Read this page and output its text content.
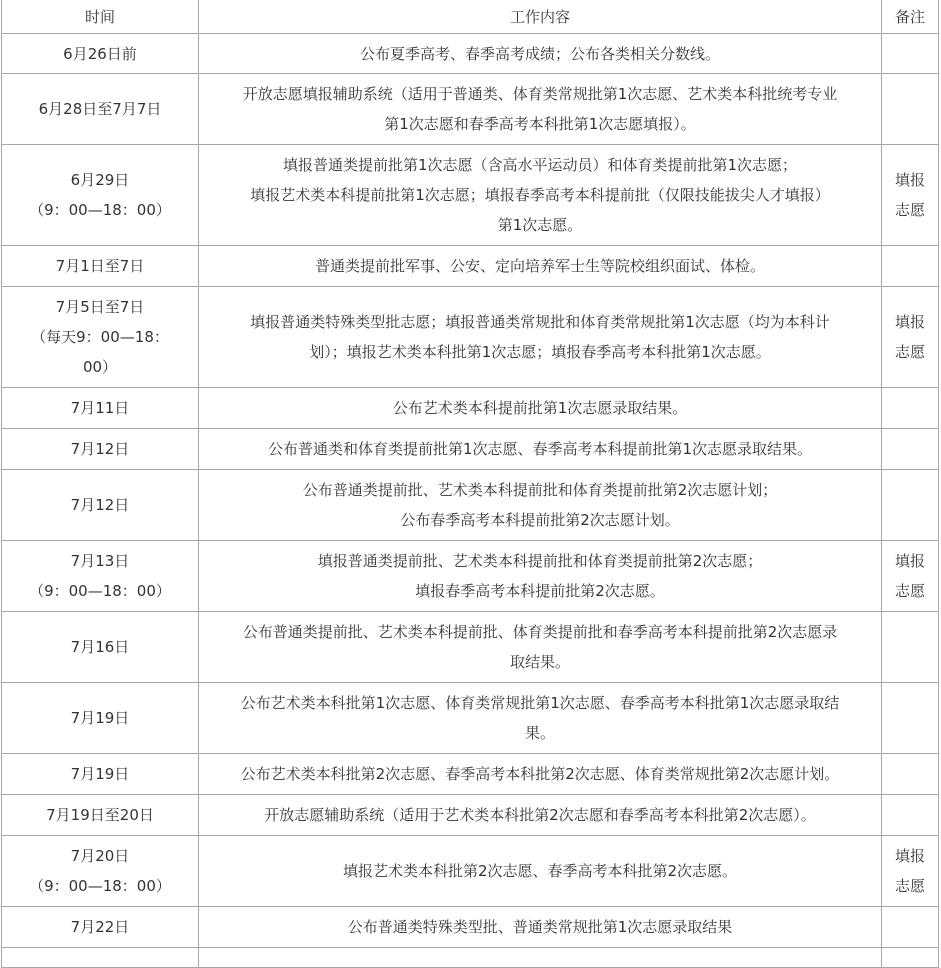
时间	工作内容	备注

6月26日前	公布夏季高考、春季高考成绩；公布各类相关分数线。	

6月28日至7月7日	开放志愿填报辅助系统（适用于普通类、体育类常规批第1次志愿、艺术类本科批统考专业
第1次志愿和春季高考本科批第1次志愿填报）。	

6月29日
（9：00—18：00）	填报普通类提前批第1次志愿（含高水平运动员）和体育类提前批第1次志愿；
填报艺术类本科提前批第1次志愿；填报春季高考本科提前批（仅限技能拔尖人才填报）
第1次志愿。	填报
志愿

7月1日至7日	普通类提前批军事、公安、定向培养军士生等院校组织面试、体检。	

7月5日至7日
（每天9：00—18：
00）	填报普通类特殊类型批志愿；填报普通类常规批和体育类常规批第1次志愿（均为本科计
划）；填报艺术类本科批第1次志愿；填报春季高考本科批第1次志愿。	填报
志愿

7月11日	公布艺术类本科提前批第1次志愿录取结果。	

7月12日	公布普通类和体育类提前批第1次志愿、春季高考本科提前批第1次志愿录取结果。	

7月12日	公布普通类提前批、艺术类本科提前批和体育类提前批第2次志愿计划；
公布春季高考本科提前批第2次志愿计划。	

7月13日
（9：00—18：00）	填报普通类提前批、艺术类本科提前批和体育类提前批第2次志愿；
填报春季高考本科提前批第2次志愿。	填报
志愿

7月16日	公布普通类提前批、艺术类本科提前批、体育类提前批和春季高考本科提前批第2次志愿录
取结果。	

7月19日	公布艺术类本科批第1次志愿、体育类常规批第1次志愿、春季高考本科批第1次志愿录取结
果。	

7月19日	公布艺术类本科批第2次志愿、春季高考本科批第2次志愿、体育类常规批第2次志愿计划。	

7月19日至20日	开放志愿辅助系统（适用于艺术类本科批第2次志愿和春季高考本科批第2次志愿）。	

7月20日
（9：00—18：00）	填报艺术类本科批第2次志愿、春季高考本科批第2次志愿。	填报
志愿

7月22日	公布普通类特殊类型批、普通类常规批第1次志愿录取结果	
